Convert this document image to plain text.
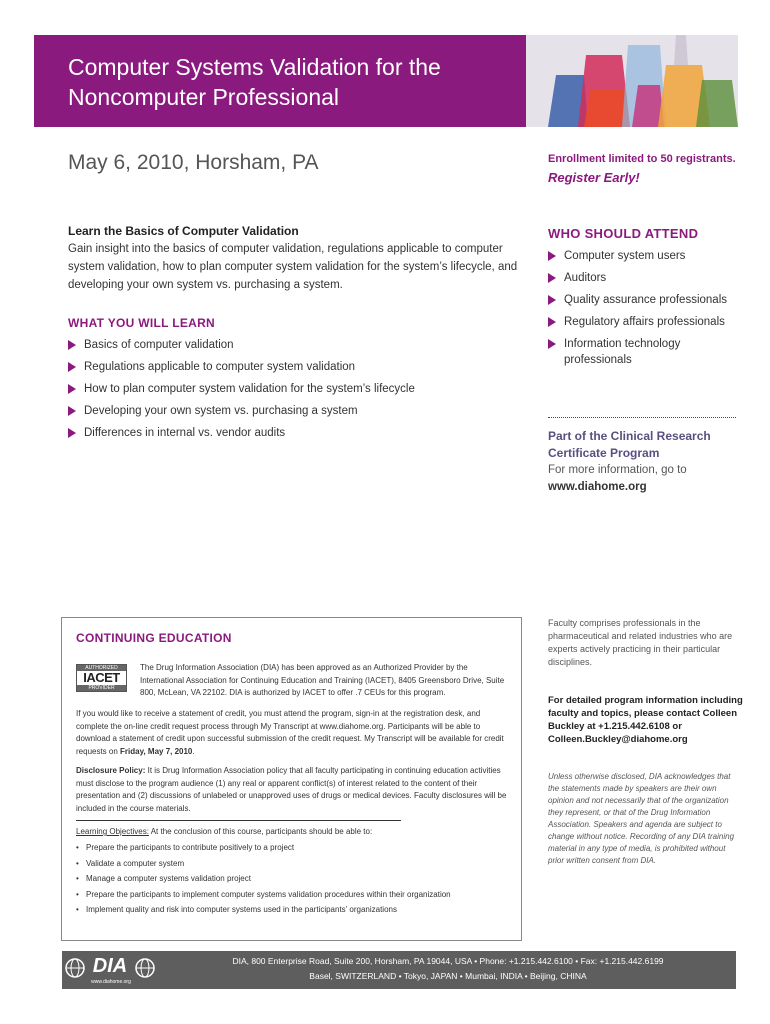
Computer Systems Validation for the Noncomputer Professional
May 6, 2010, Horsham, PA	Enrollment limited to 50 registrants.
Register Early!
Learn the Basics of Computer Validation
Gain insight into the basics of computer validation, regulations applicable to computer system validation, how to plan computer system validation for the system’s lifecycle, and developing your own system vs. purchasing a system.
WHAT YOU WILL LEARN
Basics of computer validation
Regulations applicable to computer system validation
How to plan computer system validation for the system’s lifecycle
Developing your own system vs. purchasing a system
Differences in internal vs. vendor audits
WHO SHOULD ATTEND
Computer system users
Auditors
Quality assurance professionals
Regulatory affairs professionals
Information technology professionals
Part of the Clinical Research Certificate Program
For more information, go to
www.diahome.org
CONTINUING EDUCATION
AUTHORIZED
IACET
PROVIDER
The Drug Information Association (DIA) has been approved as an Authorized Provider by the International Association for Continuing Education and Training (IACET), 8405 Greensboro Drive, Suite 800, McLean, VA 22102. DIA is authorized by IACET to offer .7 CEUs for this program.
If you would like to receive a statement of credit, you must attend the program, sign-in at the registration desk, and complete the on-line credit request process through My Transcript at www.diahome.org. Participants will be able to download a statement of credit upon successful submission of the credit request. My Transcript will be available for credit requests on Friday, May 7, 2010.
Disclosure Policy: It is Drug Information Association policy that all faculty participating in continuing education activities must disclose to the program audience (1) any real or apparent conflict(s) of interest related to the content of their presentation and (2) discussions of unlabeled or unapproved uses of drugs or medical devices. Faculty disclosures will be included in the course materials.
Learning Objectives: At the conclusion of this course, participants should be able to:
• Prepare the participants to contribute positively to a project
• Validate a computer system
• Manage a computer systems validation project
• Prepare the participants to implement computer systems validation procedures within their organization
• Implement quality and risk into computer systems used in the participants’ organizations
Faculty comprises professionals in the pharmaceutical and related industries who are experts actively practicing in their particular disciplines.
For detailed program information including faculty and topics, please contact Colleen Buckley at +1.215.442.6108 or Colleen.Buckley@diahome.org
Unless otherwise disclosed, DIA acknowledges that the statements made by speakers are their own opinion and not necessarily that of the organization they represent, or that of the Drug Information Association. Speakers and agenda are subject to change without notice. Recording of any DIA training material in any type of media, is prohibited without prior written consent from DIA.
DIA
www.diahome.org
DIA, 800 Enterprise Road, Suite 200, Horsham, PA 19044, USA • Phone: +1.215.442.6100 • Fax: +1.215.442.6199
Basel, SWITZERLAND • Tokyo, JAPAN • Mumbai, INDIA • Beijing, CHINA
